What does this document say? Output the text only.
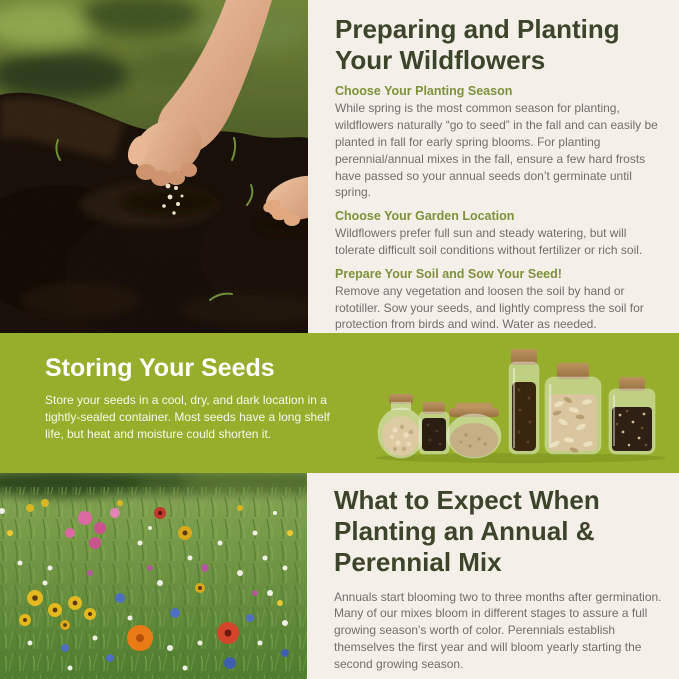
Preparing and Planting
Your Wildflowers

Choose Your Planting Season

While spring is the most common season for planting, wildflowers naturally “go to seed” in the fall and can easily be planted in fall for early spring blooms. For planting perennial/annual mixes in the fall, ensure a few hard frosts have passed so your annual seeds don’t germinate until spring.

Choose Your Garden Location

Wildflowers prefer full sun and steady watering, but will tolerate difficult soil conditions without fertilizer or rich soil.

Prepare Your Soil and Sow Your Seed!

Remove any vegetation and loosen the soil by hand or rototiller. Sow your seeds, and lightly compress the soil for protection from birds and wind. Water as needed.

Storing Your Seeds

Store your seeds in a cool, dry, and dark location in a tightly-sealed container. Most seeds have a long shelf life, but heat and moisture could shorten it.

What to Expect When
Planting an Annual &
Perennial Mix

Annuals start blooming two to three months after germination. Many of our mixes bloom in different stages to assure a full growing season's worth of color. Perennials establish themselves the first year and will bloom yearly starting the second growing season.
